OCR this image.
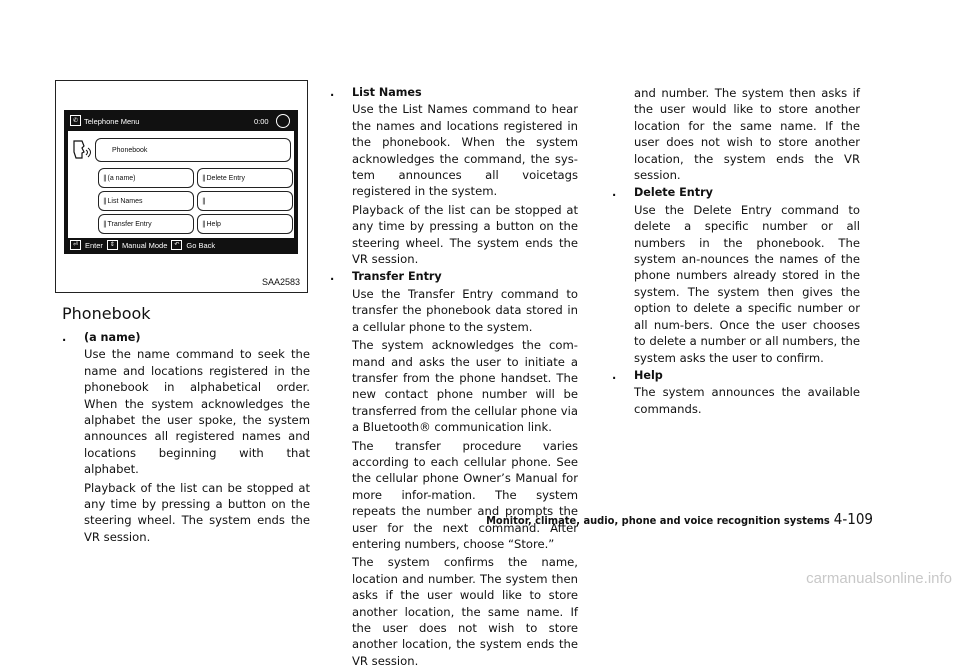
✆ Telephone Menu	0:00
Phonebook
∥ (a name)
∥ List Names
∥ Transfer Entry
∥ Delete Entry
∥
∥ Help
⏎ Enter	⇕ Manual Mode	↶ Go Back
SAA2583
Phonebook

. (a name)

Use the name command to seek the name and locations registered in the phonebook in alphabetical order. When the system acknowledges the alphabet the user spoke, the system announces all registered names and locations beginning with that alphabet.

Playback of the list can be stopped at any time by pressing a button on the steering wheel. The system ends the VR session.

. List Names

Use the List Names command to hear the names and locations registered in the phonebook. When the system acknowledges the command, the sys-tem announces all voicetags registered in the system.

Playback of the list can be stopped at any time by pressing a button on the steering wheel. The system ends the VR session.

. Transfer Entry

Use the Transfer Entry command to transfer the phonebook data stored in a cellular phone to the system.

The system acknowledges the com-mand and asks the user to initiate a transfer from the phone handset. The new contact phone number will be transferred from the cellular phone via a Bluetooth® communication link.

The transfer procedure varies according to each cellular phone. See the cellular phone Owner’s Manual for more infor-mation. The system repeats the number and prompts the user for the next command. After entering numbers, choose “Store.”

The system confirms the name, location and number. The system then asks if the user would like to store another location, the same name. If the user does not wish to store another location, the system ends the VR session.

and number. The system then asks if the user would like to store another location for the same name. If the user does not wish to store another location, the system ends the VR session.

. Delete Entry

Use the Delete Entry command to delete a specific number or all numbers in the phonebook. The system an-nounces the names of the phone numbers already stored in the system. The system then gives the option to delete a specific number or all num-bers. Once the user chooses to delete a number or all numbers, the system asks the user to confirm.

. Help

The system announces the available commands.

Monitor, climate, audio, phone and voice recognition systems 4-109
carmanualsonline.info
